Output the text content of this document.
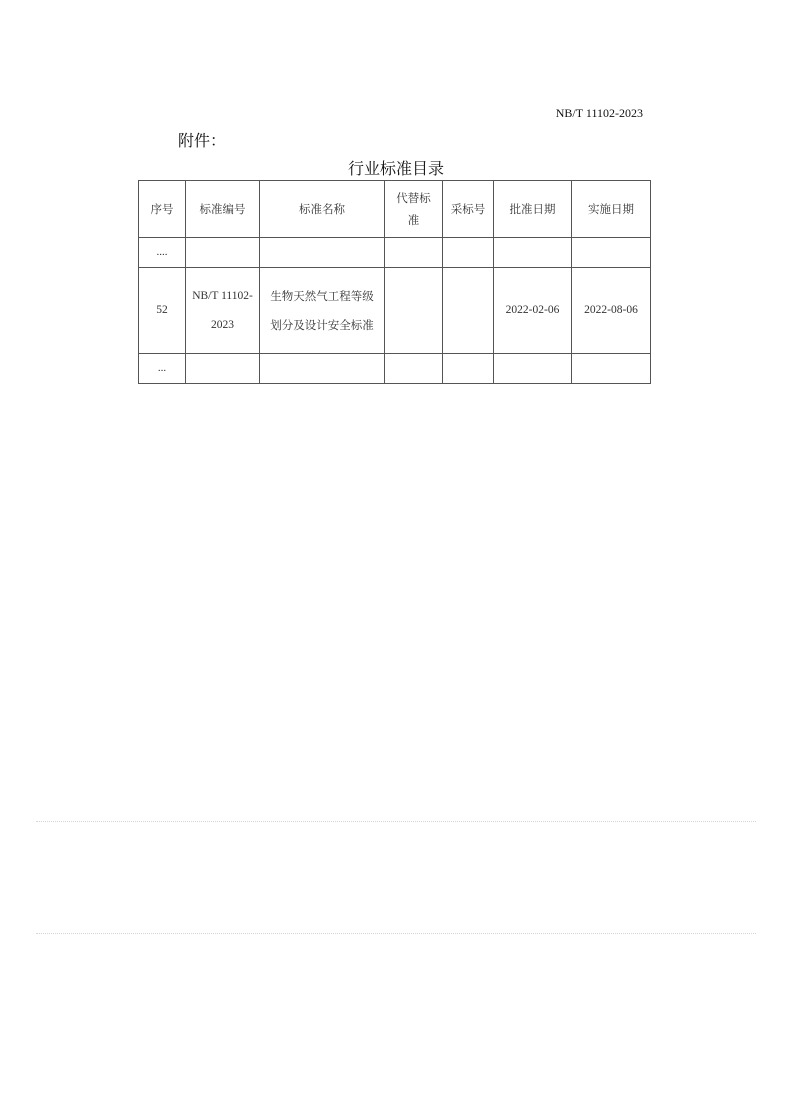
NB/T 11102-2023
附件：
行业标准目录
序号	标准编号	标准名称	代替标准	采标号	批准日期	实施日期
....						
52	NB/T 11102-2023	生物天然气工程等级划分及设计安全标准			2022-02-06	2022-08-06
...						
